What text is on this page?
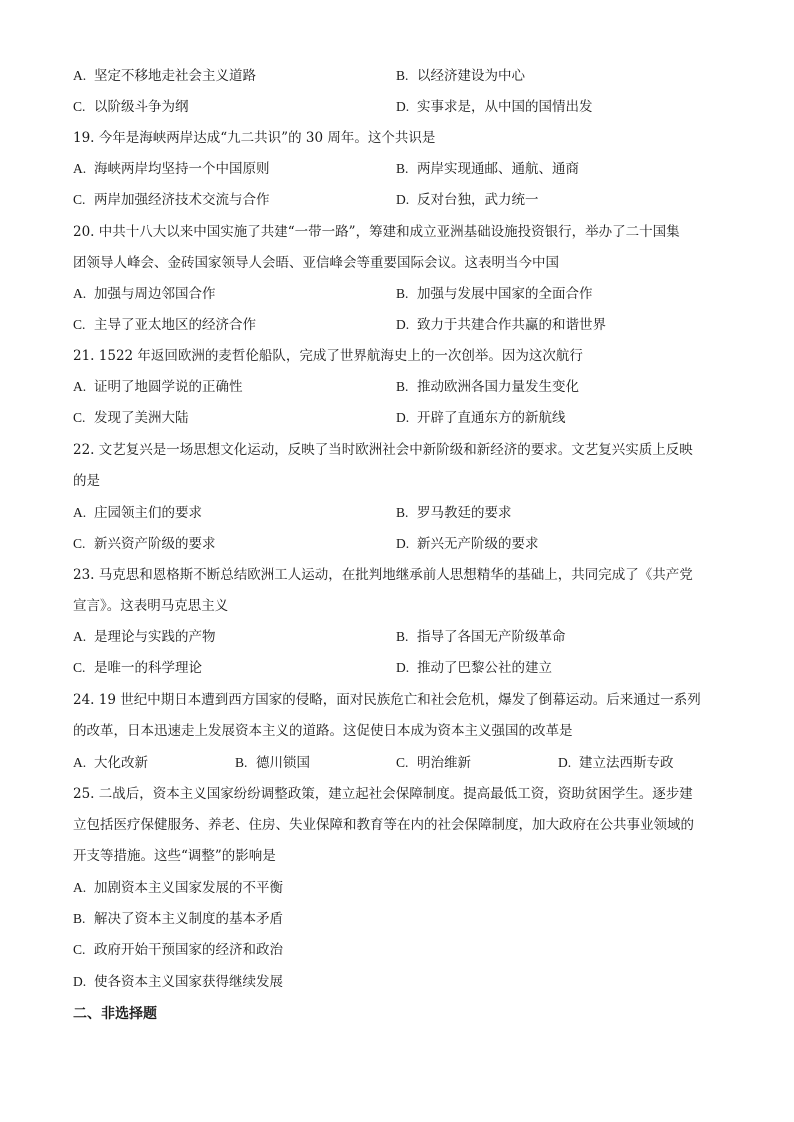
A. 坚定不移地走社会主义道路	B. 以经济建设为中心
C. 以阶级斗争为纲	D. 实事求是，从中国的国情出发
19. 今年是海峡两岸达成“九二共识”的 30 周年。这个共识是
A. 海峡两岸均坚持一个中国原则	B. 两岸实现通邮、通航、通商
C. 两岸加强经济技术交流与合作	D. 反对台独，武力统一
20. 中共十八大以来中国实施了共建“一带一路”，筹建和成立亚洲基础设施投资银行，举办了二十国集
团领导人峰会、金砖国家领导人会晤、亚信峰会等重要国际会议。这表明当今中国
A. 加强与周边邻国合作	B. 加强与发展中国家的全面合作
C. 主导了亚太地区的经济合作	D. 致力于共建合作共赢的和谐世界
21. 1522 年返回欧洲的麦哲伦船队，完成了世界航海史上的一次创举。因为这次航行
A. 证明了地圆学说的正确性	B. 推动欧洲各国力量发生变化
C. 发现了美洲大陆	D. 开辟了直通东方的新航线
22. 文艺复兴是一场思想文化运动，反映了当时欧洲社会中新阶级和新经济的要求。文艺复兴实质上反映
的是
A. 庄园领主们的要求	B. 罗马教廷的要求
C. 新兴资产阶级的要求	D. 新兴无产阶级的要求
23. 马克思和恩格斯不断总结欧洲工人运动，在批判地继承前人思想精华的基础上，共同完成了《共产党
宣言》。这表明马克思主义
A. 是理论与实践的产物	B. 指导了各国无产阶级革命
C. 是唯一的科学理论	D. 推动了巴黎公社的建立
24. 19 世纪中期日本遭到西方国家的侵略，面对民族危亡和社会危机，爆发了倒幕运动。后来通过一系列
的改革，日本迅速走上发展资本主义的道路。这促使日本成为资本主义强国的改革是
A. 大化改新	B. 德川锁国	C. 明治维新	D. 建立法西斯专政
25. 二战后，资本主义国家纷纷调整政策，建立起社会保障制度。提高最低工资，资助贫困学生。逐步建
立包括医疗保健服务、养老、住房、失业保障和教育等在内的社会保障制度，加大政府在公共事业领域的
开支等措施。这些“调整”的影响是
A. 加剧资本主义国家发展的不平衡
B. 解决了资本主义制度的基本矛盾
C. 政府开始干预国家的经济和政治
D. 使各资本主义国家获得继续发展
二、非选择题
